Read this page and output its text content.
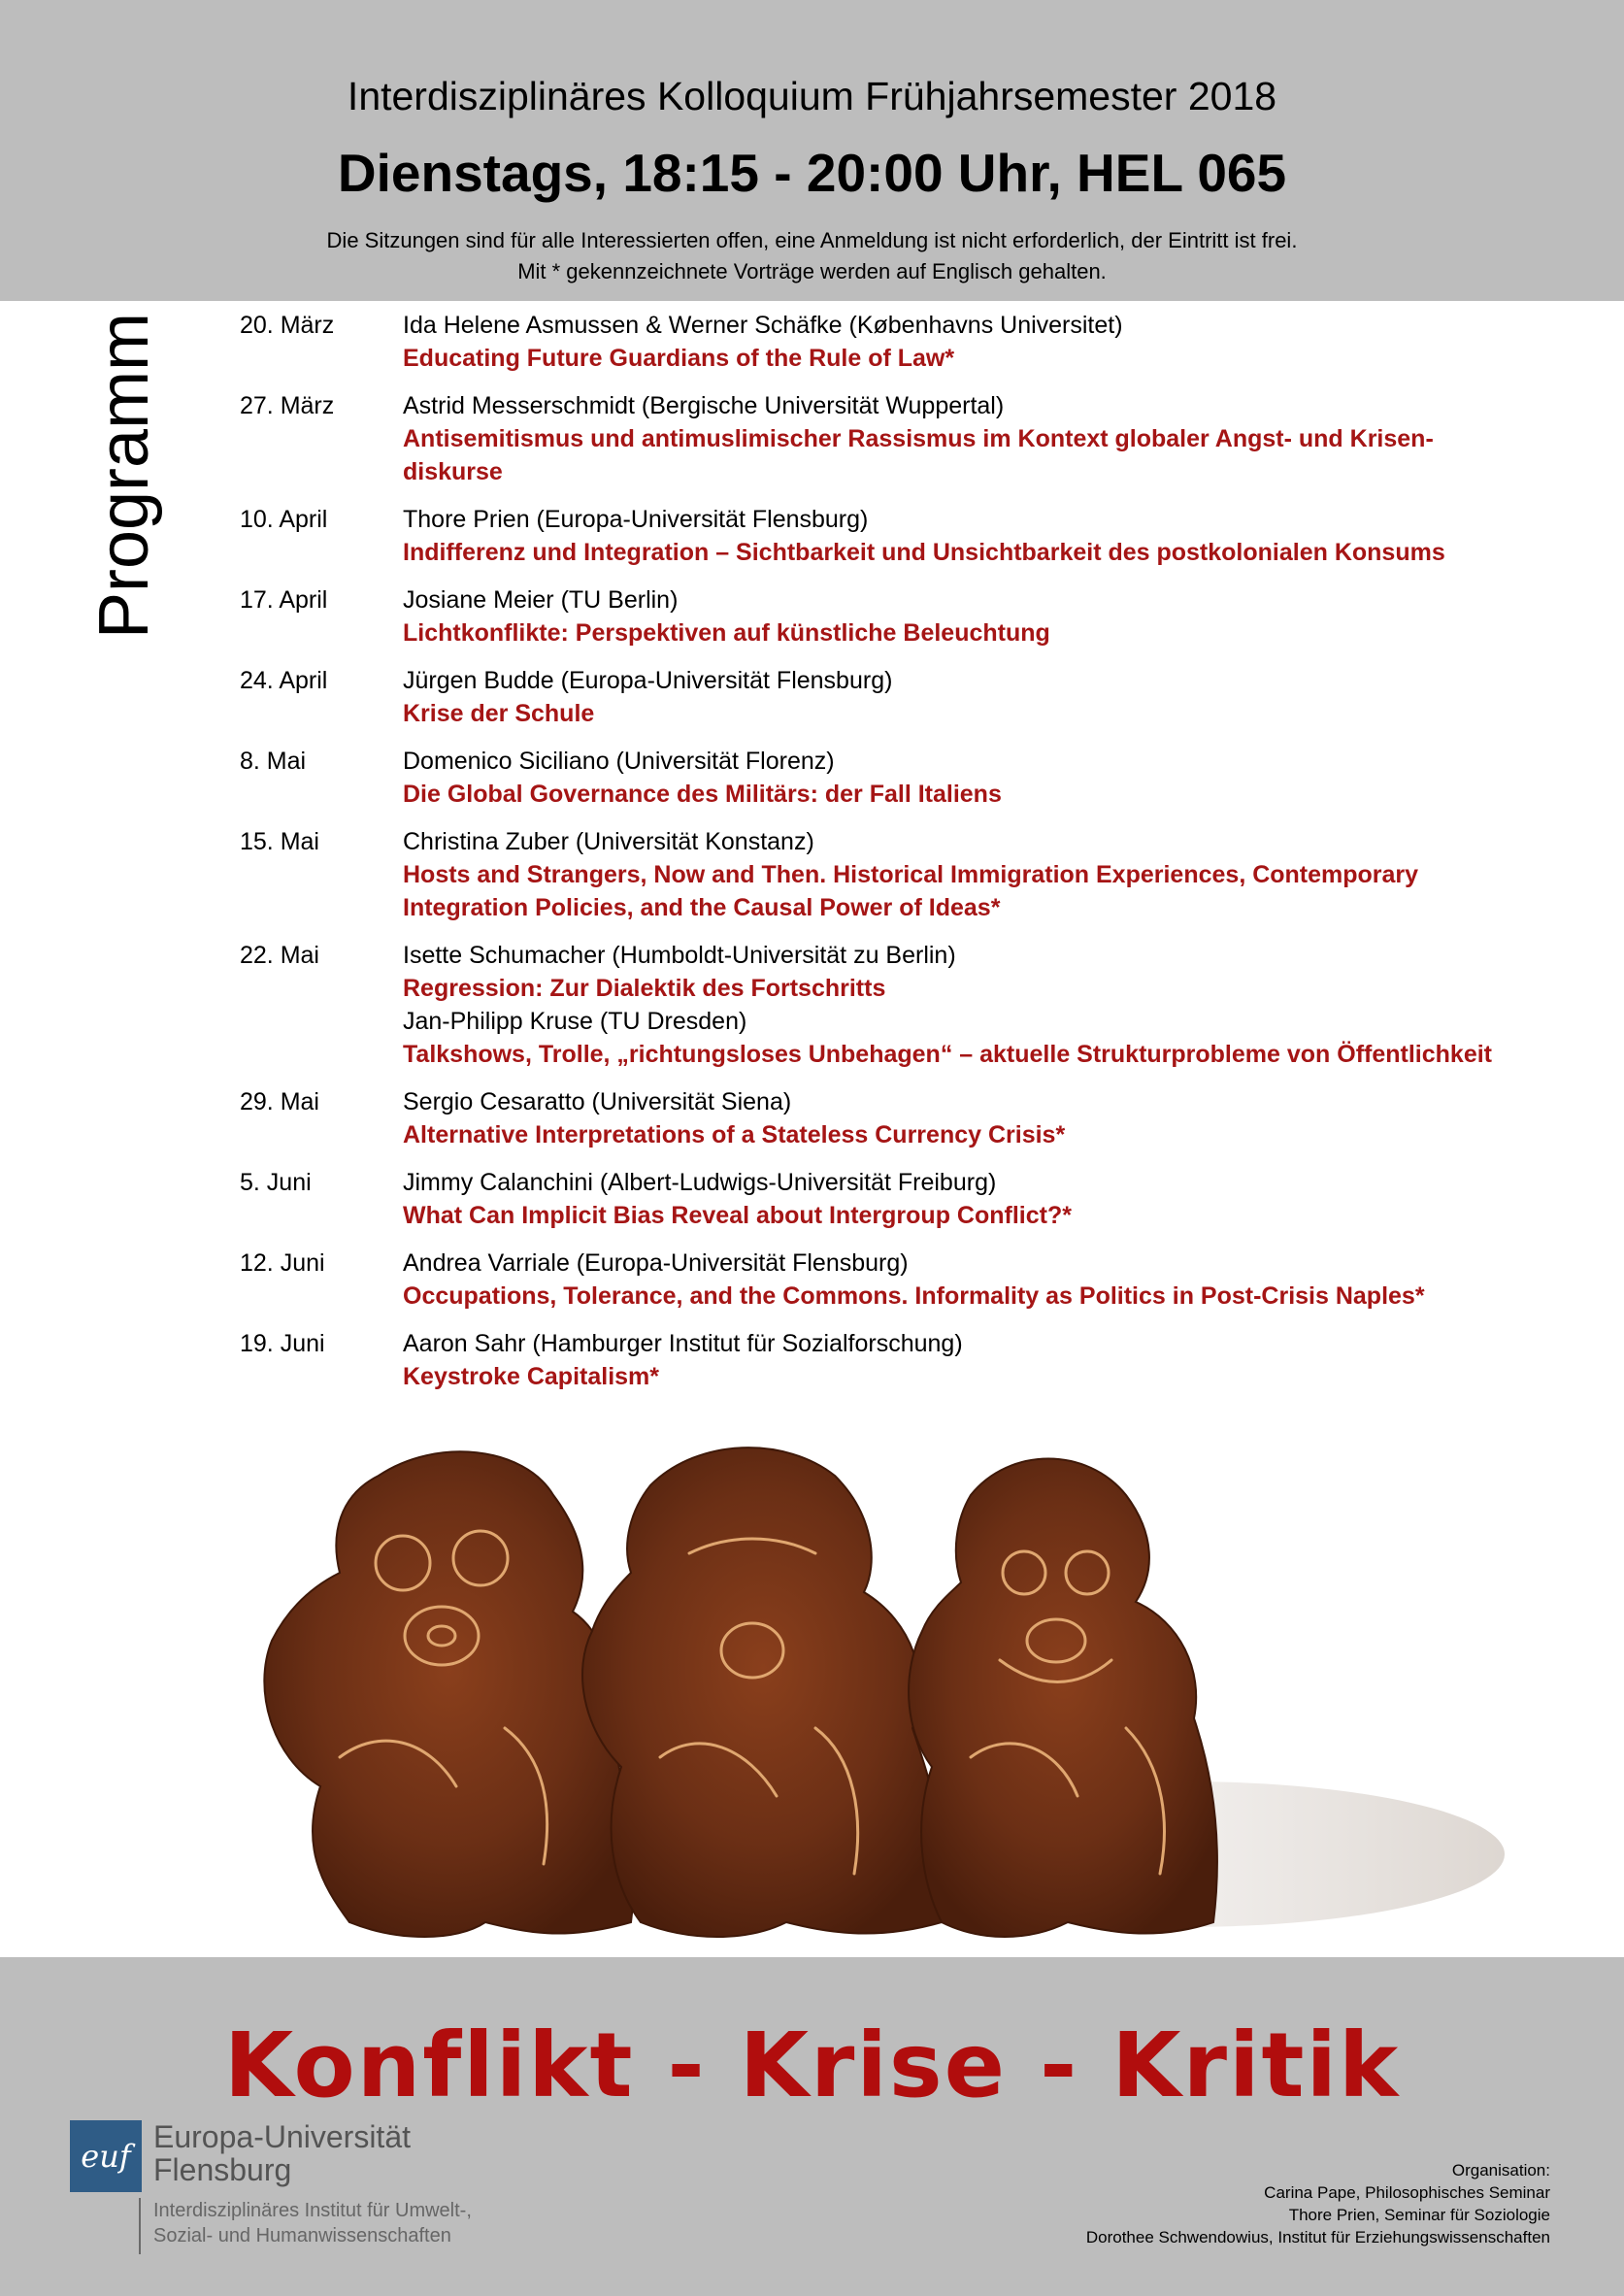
Interdisziplinäres Kolloquium Frühjahrsemester 2018
Dienstags, 18:15 - 20:00 Uhr, HEL 065
Die Sitzungen sind für alle Interessierten offen, eine Anmeldung ist nicht erforderlich, der Eintritt ist frei.
Mit * gekennzeichnete Vorträge werden auf Englisch gehalten.
Programm	20. März	Ida Helene Asmussen & Werner Schäfke (Københavns Universitet)
Educating Future Guardians of the Rule of Law*
27. März	Astrid Messerschmidt (Bergische Universität Wuppertal)
Antisemitismus und antimuslimischer Rassismus im Kontext globaler Angst- und Krisen-
diskurse
10. April	Thore Prien (Europa-Universität Flensburg)
Indifferenz und Integration – Sichtbarkeit und Unsichtbarkeit des postkolonialen Konsums
17. April	Josiane Meier (TU Berlin)
Lichtkonflikte: Perspektiven auf künstliche Beleuchtung
24. April	Jürgen Budde (Europa-Universität Flensburg)
Krise der Schule
8. Mai	Domenico Siciliano (Universität Florenz)
Die Global Governance des Militärs: der Fall Italiens
15. Mai	Christina Zuber (Universität Konstanz)
Hosts and Strangers, Now and Then. Historical Immigration Experiences, Contemporary
Integration Policies, and the Causal Power of Ideas*
22. Mai	Isette Schumacher (Humboldt-Universität zu Berlin)
Regression: Zur Dialektik des Fortschritts
Jan-Philipp Kruse (TU Dresden)
Talkshows, Trolle, „richtungsloses Unbehagen“ – aktuelle Strukturprobleme von Öffentlichkeit
29. Mai	Sergio Cesaratto (Universität Siena)
Alternative Interpretations of a Stateless Currency Crisis*
5. Juni	Jimmy Calanchini (Albert-Ludwigs-Universität Freiburg)
What Can Implicit Bias Reveal about Intergroup Conflict?*
12. Juni	Andrea Varriale (Europa-Universität Flensburg)
Occupations, Tolerance, and the Commons. Informality as Politics in Post-Crisis Naples*
19. Juni	Aaron Sahr (Hamburger Institut für Sozialforschung)
Keystroke Capitalism*
Konflikt - Krise - Kritik
euf
Europa-Universität
Flensburg
Interdisziplinäres Institut für Umwelt-,
Sozial- und Humanwissenschaften
Organisation:
Carina Pape, Philosophisches Seminar
Thore Prien, Seminar für Soziologie
Dorothee Schwendowius, Institut für Erziehungswissenschaften
